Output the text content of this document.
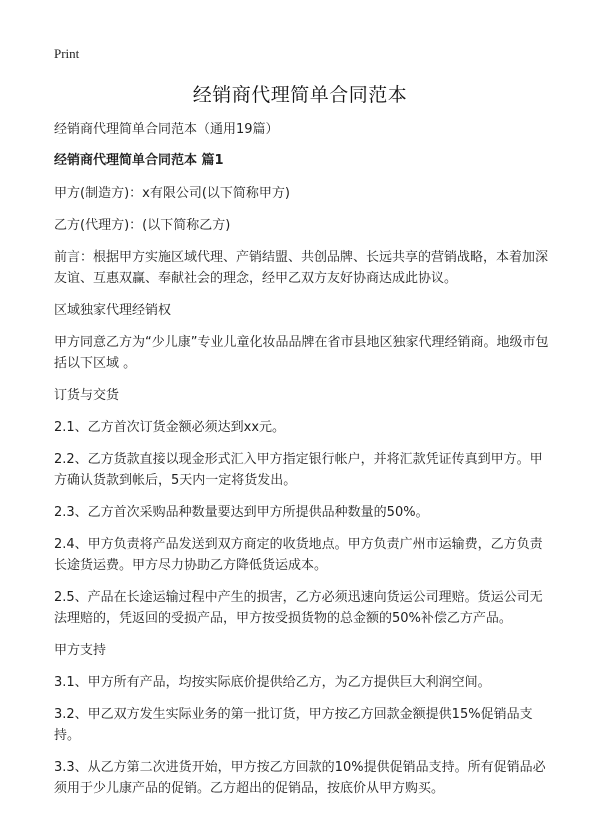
Print
经销商代理简单合同范本

经销商代理简单合同范本（通用19篇）

经销商代理简单合同范本 篇1

甲方(制造方)：x有限公司(以下简称甲方)

乙方(代理方)：(以下简称乙方)

前言：根据甲方实施区域代理、产销结盟、共创品牌、长远共享的营销战略，本着加深友谊、互惠双赢、奉献社会的理念，经甲乙双方友好协商达成此协议。

区域独家代理经销权

甲方同意乙方为“少儿康”专业儿童化妆品品牌在省市县地区独家代理经销商。地级市包括以下区域 。

订货与交货

2.1、乙方首次订货金额必须达到xx元。

2.2、乙方货款直接以现金形式汇入甲方指定银行帐户，并将汇款凭证传真到甲方。甲方确认货款到帐后，5天内一定将货发出。

2.3、乙方首次采购品种数量要达到甲方所提供品种数量的50%。

2.4、甲方负责将产品发送到双方商定的收货地点。甲方负责广州市运输费，乙方负责长途货运费。甲方尽力协助乙方降低货运成本。

2.5、产品在长途运输过程中产生的损害，乙方必须迅速向货运公司理赔。货运公司无法理赔的，凭返回的受损产品，甲方按受损货物的总金额的50%补偿乙方产品。

甲方支持

3.1、甲方所有产品，均按实际底价提供给乙方，为乙方提供巨大利润空间。

3.2、甲乙双方发生实际业务的第一批订货，甲方按乙方回款金额提供15%促销品支持。

3.3、从乙方第二次进货开始，甲方按乙方回款的10%提供促销品支持。所有促销品必须用于少儿康产品的促销。乙方超出的促销品，按底价从甲方购买。
